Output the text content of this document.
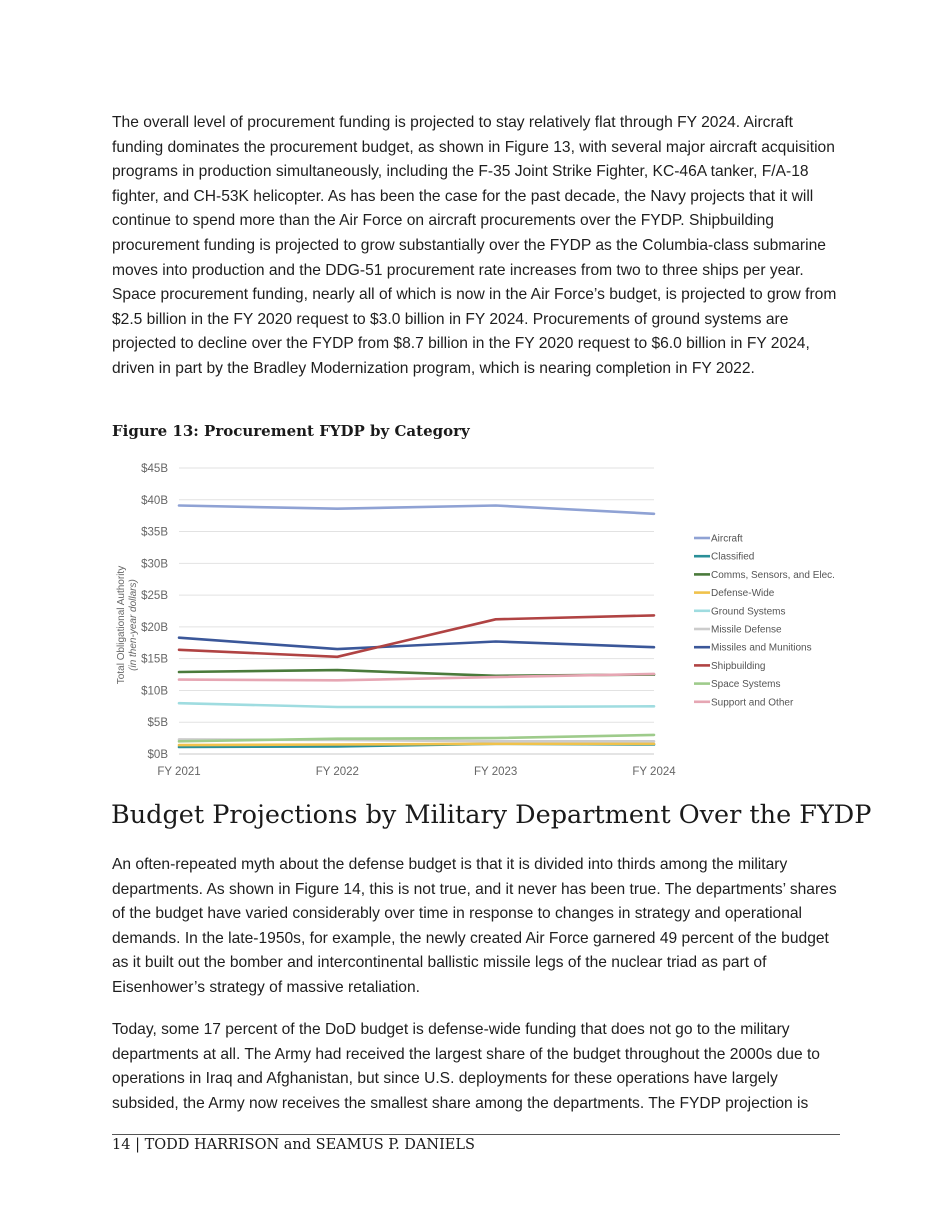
The overall level of procurement funding is projected to stay relatively flat through FY 2024. Aircraft funding dominates the procurement budget, as shown in Figure 13, with several major aircraft acquisition programs in production simultaneously, including the F-35 Joint Strike Fighter, KC-46A tanker, F/A-18 fighter, and CH-53K helicopter. As has been the case for the past decade, the Navy projects that it will continue to spend more than the Air Force on aircraft procurements over the FYDP. Shipbuilding procurement funding is projected to grow substantially over the FYDP as the Columbia-class submarine moves into production and the DDG-51 procurement rate increases from two to three ships per year. Space procurement funding, nearly all of which is now in the Air Force’s budget, is projected to grow from $2.5 billion in the FY 2020 request to $3.0 billion in FY 2024. Procurements of ground systems are projected to decline over the FYDP from $8.7 billion in the FY 2020 request to $6.0 billion in FY 2024, driven in part by the Bradley Modernization program, which is nearing completion in FY 2022.

Figure 13: Procurement FYDP by Category
$0B
$5B
$10B
$15B
$20B
$25B
$30B
$35B
$40B
$45B
FY 2021	FY 2022	FY 2023	FY 2024
Aircraft
Classified
Comms, Sensors, and Elec.
Defense-Wide
Ground Systems
Missile Defense
Missiles and Munitions
Shipbuilding
Space Systems
Support and Other
Total Obligational Authority (in then-year dollars)
Budget Projections by Military Department Over the FYDP

An often-repeated myth about the defense budget is that it is divided into thirds among the military departments. As shown in Figure 14, this is not true, and it never has been true. The departments’ shares of the budget have varied considerably over time in response to changes in strategy and operational demands. In the late-1950s, for example, the newly created Air Force garnered 49 percent of the budget as it built out the bomber and intercontinental ballistic missile legs of the nuclear triad as part of Eisenhower’s strategy of massive retaliation.

Today, some 17 percent of the DoD budget is defense-wide funding that does not go to the military departments at all. The Army had received the largest share of the budget throughout the 2000s due to operations in Iraq and Afghanistan, but since U.S. deployments for these operations have largely subsided, the Army now receives the smallest share among the departments. The FYDP projection is

14 | TODD HARRISON and SEAMUS P. DANIELS
